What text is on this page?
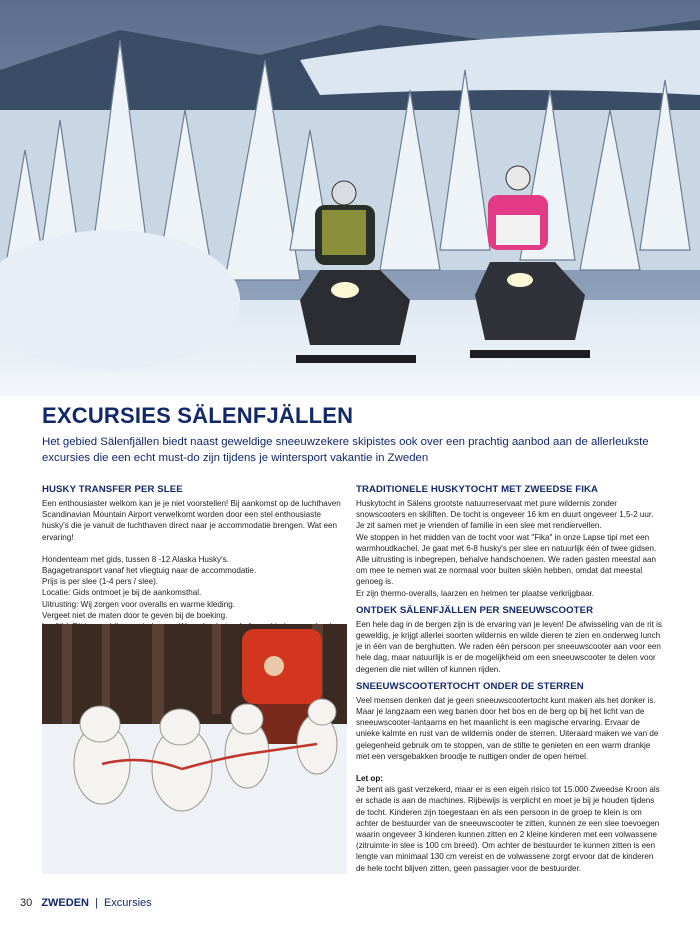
EXCURSIES SÄLENFJÄLLEN

Het gebied Sälenfjällen biedt naast geweldige sneeuwzekere skipistes ook over een prachtig aanbod aan de allerleukste excursies die een echt must-do zijn tijdens je wintersport vakantie in Zweden

HUSKY TRANSFER PER SLEE

Een enthousiaster welkom kan je je niet voorstellen! Bij aankomst op de luchthaven Scandinavian Mountain Airport verwelkomt worden door een stel enthousiaste husky's die je vanuit de luchthaven direct naar je accommodatie brengen. Wat een ervaring!

Hondenteam met gids, tussen 8 -12 Alaska Husky's.
Bagagetransport vanaf het vliegtuig naar de accommodatie.
Prijs is per slee (1-4 pers / slee).
Locatie: Gids ontmoet je bij de aankomsthal.
Uitrusting: Wij zorgen voor overalls en warme kleding.
Vergeet niet de maten door te geven bij de boeking.

TRADITIONELE HUSKYTOCHT MET ZWEEDSE FIKA

Huskytocht in Sälens grootste natuurreservaat met pure wildernis zonder snowscooters en skiliften. De tocht is ongeveer 16 km en duurt ongeveer 1,5-2 uur.
Je zit samen met je vrienden of familie in een slee met rendiervellen.
We stoppen in het midden van de tocht voor wat "Fika" in onze Lapse tipi met een warmhoudkachel. Je gaat met 6-8 husky's per slee en natuurlijk één of twee gidsen.
Alle uitrusting is inbegrepen, behalve handschoenen. We raden gasten meestal aan om mee te nemen wat ze normaal voor buiten skiën hebben, omdat dat meestal genoeg is.
Er zijn thermo-overalls, laarzen en helmen ter plaatse verkrijgbaar.

ONTDEK SÄLENFJÄLLEN PER SNEEUWSCOOTER

Een hele dag in de bergen zijn is de ervaring van je leven! De afwisseling van de rit is geweldig, je krijgt allerlei soorten wildernis en wilde dieren te zien en onderweg lunch je in één van de berghutten. We raden één persoon per sneeuwscooter aan voor een hele dag, maar natuurlijk is er de mogelijkheid om een sneeuwscooter te delen voor degenen die niet willen of kunnen rijden.

SNEEUWSCOOTERTOCHT ONDER DE STERREN

Veel mensen denken dat je geen sneeuwscootertocht kunt maken als het donker is. Maar je langzaam een weg banen door het bos en de berg op bij het licht van de sneeuwscooter-lantaarns en het maanlicht is een magische ervaring. Ervaar de unieke kalmte en rust van de wildernis onder de sterren. Uiteraard maken we van de gelegenheid gebruik om te stoppen, van de stilte te genieten en een warm drankje met een versgebakken broodje te nuttigen onder de open hemel.

Let op:

Je bent als gast verzekerd, maar er is een eigen risico tot 15.000 Zweedse Kroon als er schade is aan de machines. Rijbewijs is verplicht en moet je bij je houden tijdens de tocht. Kinderen zijn toegestaan en als een persoon in de groep te klein is om achter de bestuurder van de sneeuwscooter te zitten, kunnen ze een slee toevoegen waarin ongeveer 3 kinderen kunnen zitten en 2 kleine kinderen met een volwassene (zitruimte in slee is 100 cm breed). Om achter de bestuurder te kunnen zitten is een lengte van minimaal 130 cm vereist en de volwassene zorgt ervoor dat de kinderen de hele tocht blijven zitten, geen passagier voor de bestuurder.

30 ZWEDEN | Excursies
